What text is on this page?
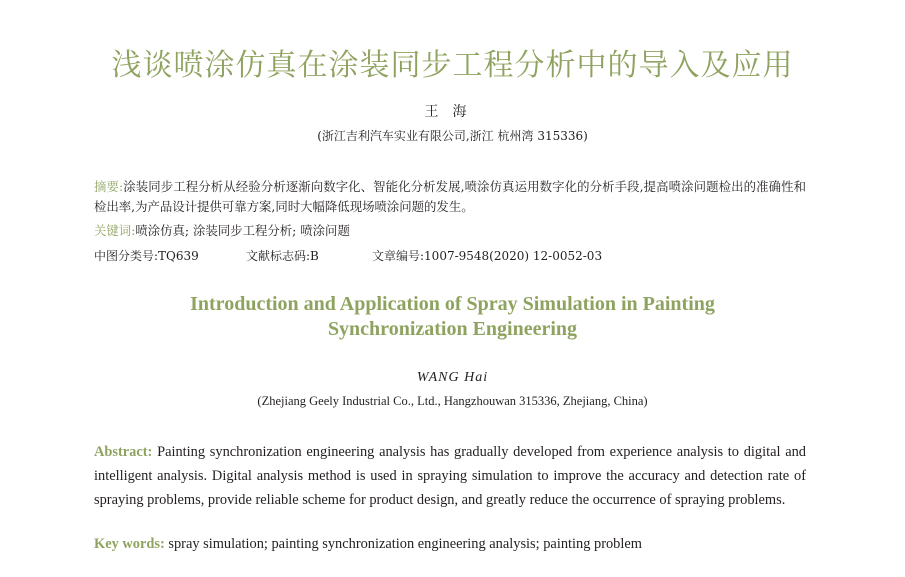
浅谈喷涂仿真在涂装同步工程分析中的导入及应用
王海
(浙江吉利汽车实业有限公司,浙江 杭州湾 315336)
摘要:涂装同步工程分析从经验分析逐渐向数字化、智能化分析发展,喷涂仿真运用数字化的分析手段,提高喷涂问题检出的准确性和检出率,为产品设计提供可靠方案,同时大幅降低现场喷涂问题的发生。
关键词:喷涂仿真; 涂装同步工程分析; 喷涂问题
中图分类号:TQ639	文献标志码:B	文章编号:1007-9548(2020) 12-0052-03
Introduction and Application of Spray Simulation in Painting
Synchronization Engineering
WANG Hai
(Zhejiang Geely Industrial Co., Ltd., Hangzhouwan 315336, Zhejiang, China)
Abstract: Painting synchronization engineering analysis has gradually developed from experience analysis to digital and intelligent analysis. Digital analysis method is used in spraying simulation to improve the accuracy and detection rate of spraying problems, provide reliable scheme for product design, and greatly reduce the occurrence of spraying problems.
Key words: spray simulation; painting synchronization engineering analysis; painting problem
